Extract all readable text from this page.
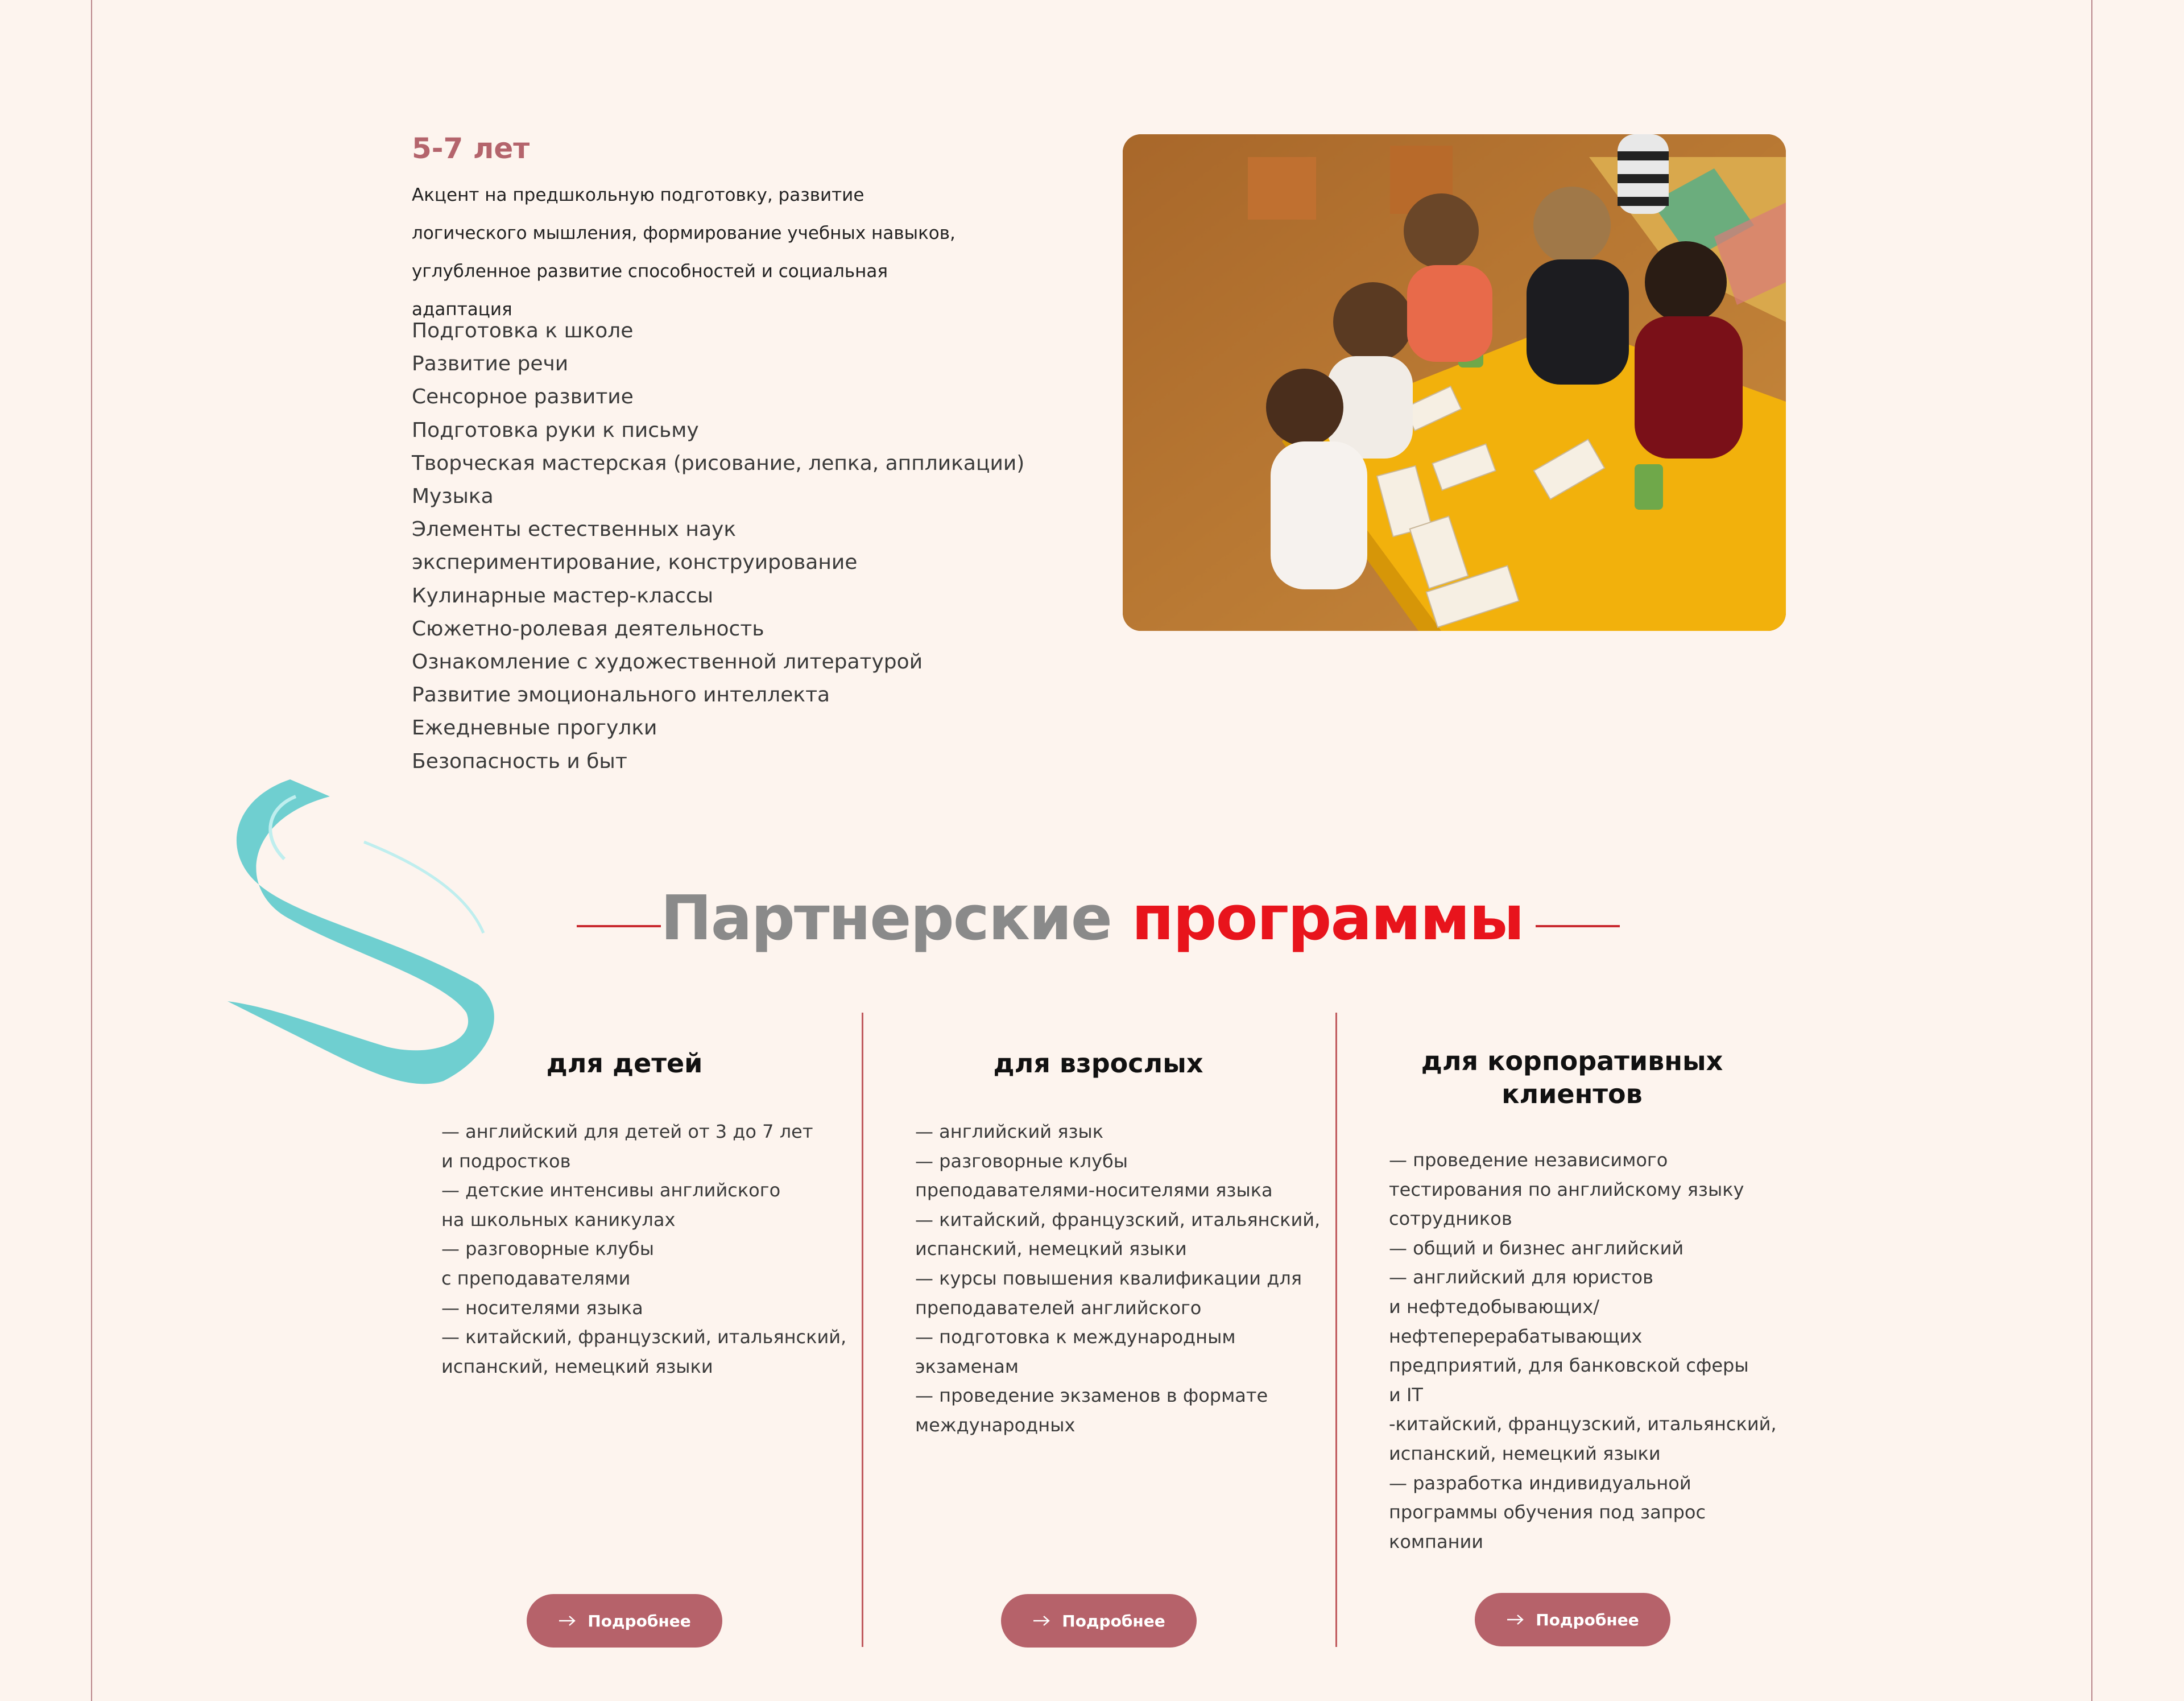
5-7 лет

Акцент на предшкольную подготовку, развитие логического мышления, формирование учебных навыков, углубленное развитие способностей и социальная адаптация

Подготовка к школе
Развитие речи
Сенсорное развитие
Подготовка руки к письму
Творческая мастерская (рисование, лепка, аппликации)
Музыка
Элементы естественных наук
экспериментирование, конструирование
Кулинарные мастер-классы
Сюжетно-ролевая деятельность
Ознакомление с художественной литературой
Развитие эмоционального интеллекта
Ежедневные прогулки
Безопасность и быт
Партнерские программы
для детей
— английский для детей от 3 до 7 лет
и подростков
— детские интенсивы английского
на школьных каникулах
— разговорные клубы
с преподавателями
— носителями языка
— китайский, французский, итальянский,
испанский, немецкий языки
Подробнее
для взрослых
— английский язык
— разговорные клубы
преподавателями-носителями языка
— китайский, французский, итальянский,
испанский, немецкий языки
— курсы повышения квалификации для
преподавателей английского
— подготовка к международным
экзаменам
— проведение экзаменов в формате
международных
Подробнее
для корпоративных
клиентов
— проведение независимого
тестирования по английскому языку
сотрудников
— общий и бизнес английский
— английский для юристов
и нефтедобывающих/
нефтеперерабатывающих
предприятий, для банковской сферы
и IT
-китайский, французский, итальянский,
испанский, немецкий языки
— разработка индивидуальной
программы обучения под запрос
компании
Подробнее
